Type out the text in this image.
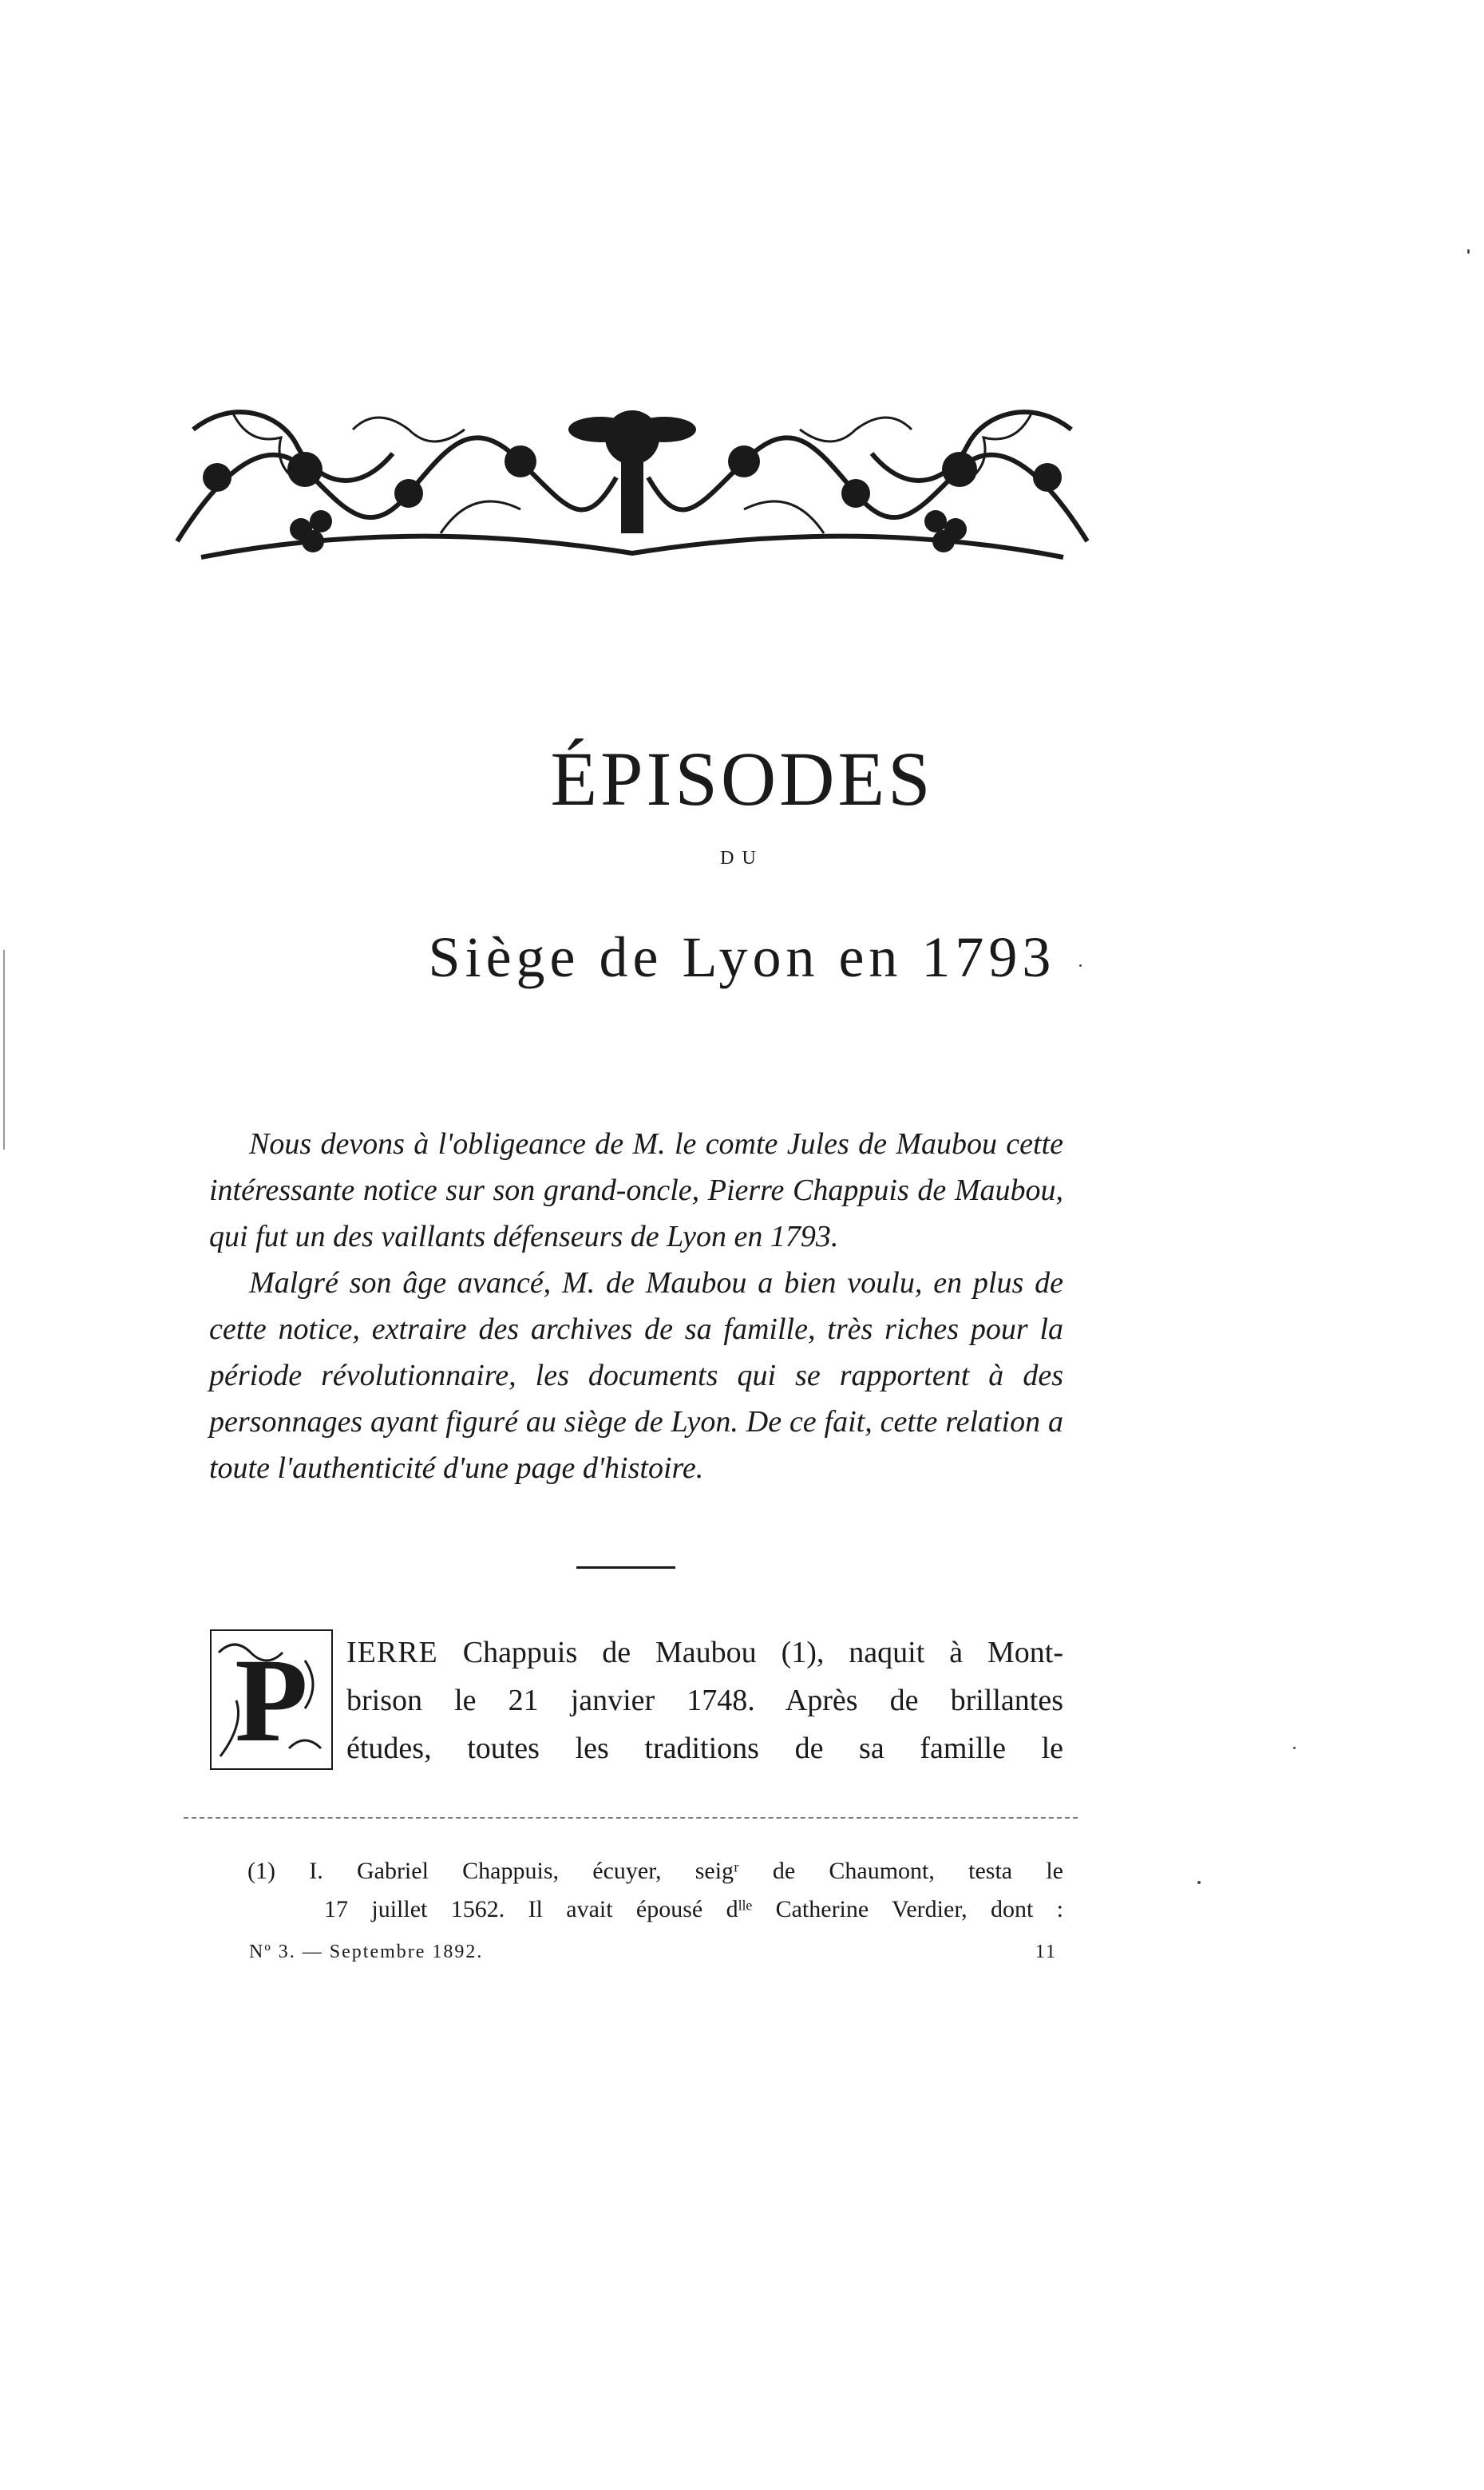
ÉPISODES
DU
Siège de Lyon en 1793

Nous devons à l'obligeance de M. le comte Jules de Maubou cette intéressante notice sur son grand-oncle, Pierre Chappuis de Maubou, qui fut un des vaillants défenseurs de Lyon en 1793.

Malgré son âge avancé, M. de Maubou a bien voulu, en plus de cette notice, extraire des archives de sa famille, très riches pour la période révolutionnaire, les documents qui se rapportent à des personnages ayant figuré au siège de Lyon. De ce fait, cette relation a toute l'authenticité d'une page d'histoire.

P IERRE Chappuis de Maubou (1), naquit à Mont-
brison le 21 janvier 1748. Après de brillantes
études, toutes les traditions de sa famille le
(1) I. Gabriel Chappuis, écuyer, seigʳ de Chaumont, testa le
17 juillet 1562. Il avait épousé dˡˡᵉ Catherine Verdier, dont :
Nº 3. — Septembre 1892.	11
